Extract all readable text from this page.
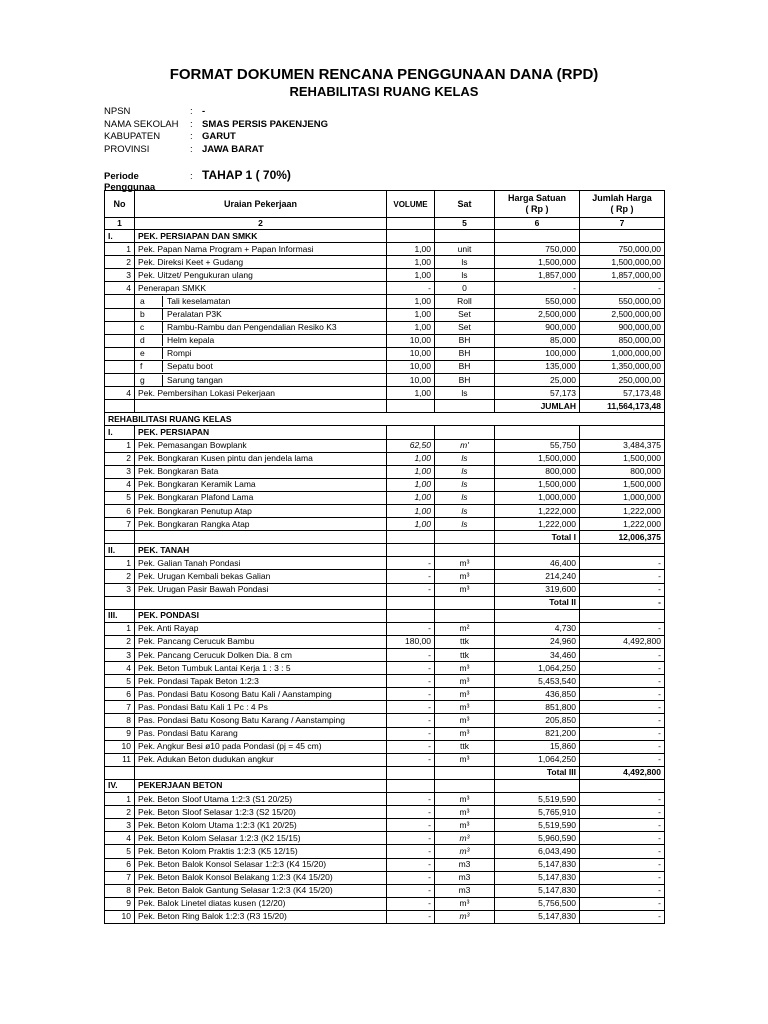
FORMAT DOKUMEN RENCANA PENGGUNAAN DANA (RPD)
REHABILITASI RUANG KELAS
NPSN	: -
NAMA SEKOLAH	: SMAS PERSIS PAKENJENG
KABUPATEN	: GARUT
PROVINSI	: JAWA BARAT
Periode Penggunaa
: TAHAP 1 ( 70%)
No	Uraian Pekerjaan	VOLUME	Sat	Harga Satuan
( Rp )	Jumlah Harga
( Rp )
1	2		5	6	7
I.	PEK. PERSIAPAN DAN SMKK				
1	Pek. Papan Nama Program + Papan Informasi	1,00	unit	750,000	750,000,00
2	Pek. Direksi Keet + Gudang	1,00	ls	1,500,000	1,500,000,00
3	Pek. Uitzet/ Pengukuran ulang	1,00	ls	1,857,000	1,857,000,00
4	Penerapan SMKK	-	0	-	-

	a Tali keselamatan	1,00	Roll	550,000	550,000,00

	b Peralatan P3K	1,00	Set	2,500,000	2,500,000,00

	c Rambu-Rambu dan Pengendalian Resiko K3	1,00	Set	900,000	900,000,00

	d Helm kepala	10,00	BH	85,000	850,000,00

	e Rompi	10,00	BH	100,000	1,000,000,00

	f Sepatu boot	10,00	BH	135,000	1,350,000,00

	g Sarung tangan	10,00	BH	25,000	250,000,00
4	Pek. Pembersihan Lokasi Pekerjaan	1,00	ls	57,173	57,173,48
				JUMLAH	11,564,173,48
REHABILITASI RUANG KELAS					
I.	PEK. PERSIAPAN				
1	Pek. Pemasangan Bowplank	62,50	m'	55,750	3,484,375
2	Pek. Bongkaran Kusen pintu dan jendela lama	1,00	ls	1,500,000	1,500,000
3	Pek. Bongkaran Bata	1,00	ls	800,000	800,000
4	Pek. Bongkaran Keramik Lama	1,00	ls	1,500,000	1,500,000
5	Pek. Bongkaran Plafond Lama	1,00	ls	1,000,000	1,000,000
6	Pek. Bongkaran Penutup Atap	1,00	ls	1,222,000	1,222,000
7	Pek. Bongkaran Rangka Atap	1,00	ls	1,222,000	1,222,000
				Total I	12,006,375
II.	PEK. TANAH				
1	Pek. Galian Tanah Pondasi	-	m³	46,400	-
2	Pek. Urugan Kembali bekas Galian	-	m³	214,240	-
3	Pek. Urugan Pasir Bawah Pondasi	-	m³	319,600	-
				Total II	-
III.	PEK. PONDASI				
1	Pek. Anti Rayap	-	m²	4,730	-
2	Pek. Pancang Cerucuk Bambu	180,00	ttk	24,960	4,492,800
3	Pek. Pancang Cerucuk Dolken Dia. 8 cm	-	ttk	34,460	-
4	Pek. Beton Tumbuk Lantai Kerja 1 : 3 : 5	-	m³	1,064,250	-
5	Pek. Pondasi Tapak Beton 1:2:3	-	m³	5,453,540	-
6	Pas. Pondasi Batu Kosong Batu Kali / Aanstamping	-	m³	436,850	-
7	Pas. Pondasi Batu Kali 1 Pc : 4 Ps	-	m³	851,800	-
8	Pas. Pondasi Batu Kosong Batu Karang / Aanstamping	-	m³	205,850	-
9	Pas. Pondasi Batu Karang	-	m³	821,200	-
10	Pek. Angkur Besi ø10 pada Pondasi (pj = 45 cm)	-	ttk	15,860	-
11	Pek. Adukan Beton dudukan angkur	-	m³	1,064,250	-
				Total III	4,492,800
IV.	PEKERJAAN BETON				
1	Pek. Beton Sloof Utama 1:2:3 (S1 20/25)	-	m³	5,519,590	-
2	Pek. Beton Sloof Selasar 1:2:3 (S2 15/20)	-	m³	5,765,910	-
3	Pek. Beton Kolom Utama 1:2:3 (K1 20/25)	-	m³	5,519,590	-
4	Pek. Beton Kolom Selasar 1:2:3 (K2 15/15)	-	m³	5,960,590	-
5	Pek. Beton Kolom Praktis 1:2:3 (K5 12/15)	-	m³	6,043,490	-
6	Pek. Beton Balok Konsol Selasar 1:2:3 (K4 15/20)	-	m3	5,147,830	-
7	Pek. Beton Balok Konsol Belakang 1:2:3 (K4 15/20)	-	m3	5,147,830	-
8	Pek. Beton Balok Gantung Selasar 1:2:3 (K4 15/20)	-	m3	5,147,830	-
9	Pek. Balok Linetel diatas kusen (12/20)	-	m³	5,756,500	-
10	Pek. Beton Ring Balok 1:2:3 (R3 15/20)	-	m³	5,147,830	-
